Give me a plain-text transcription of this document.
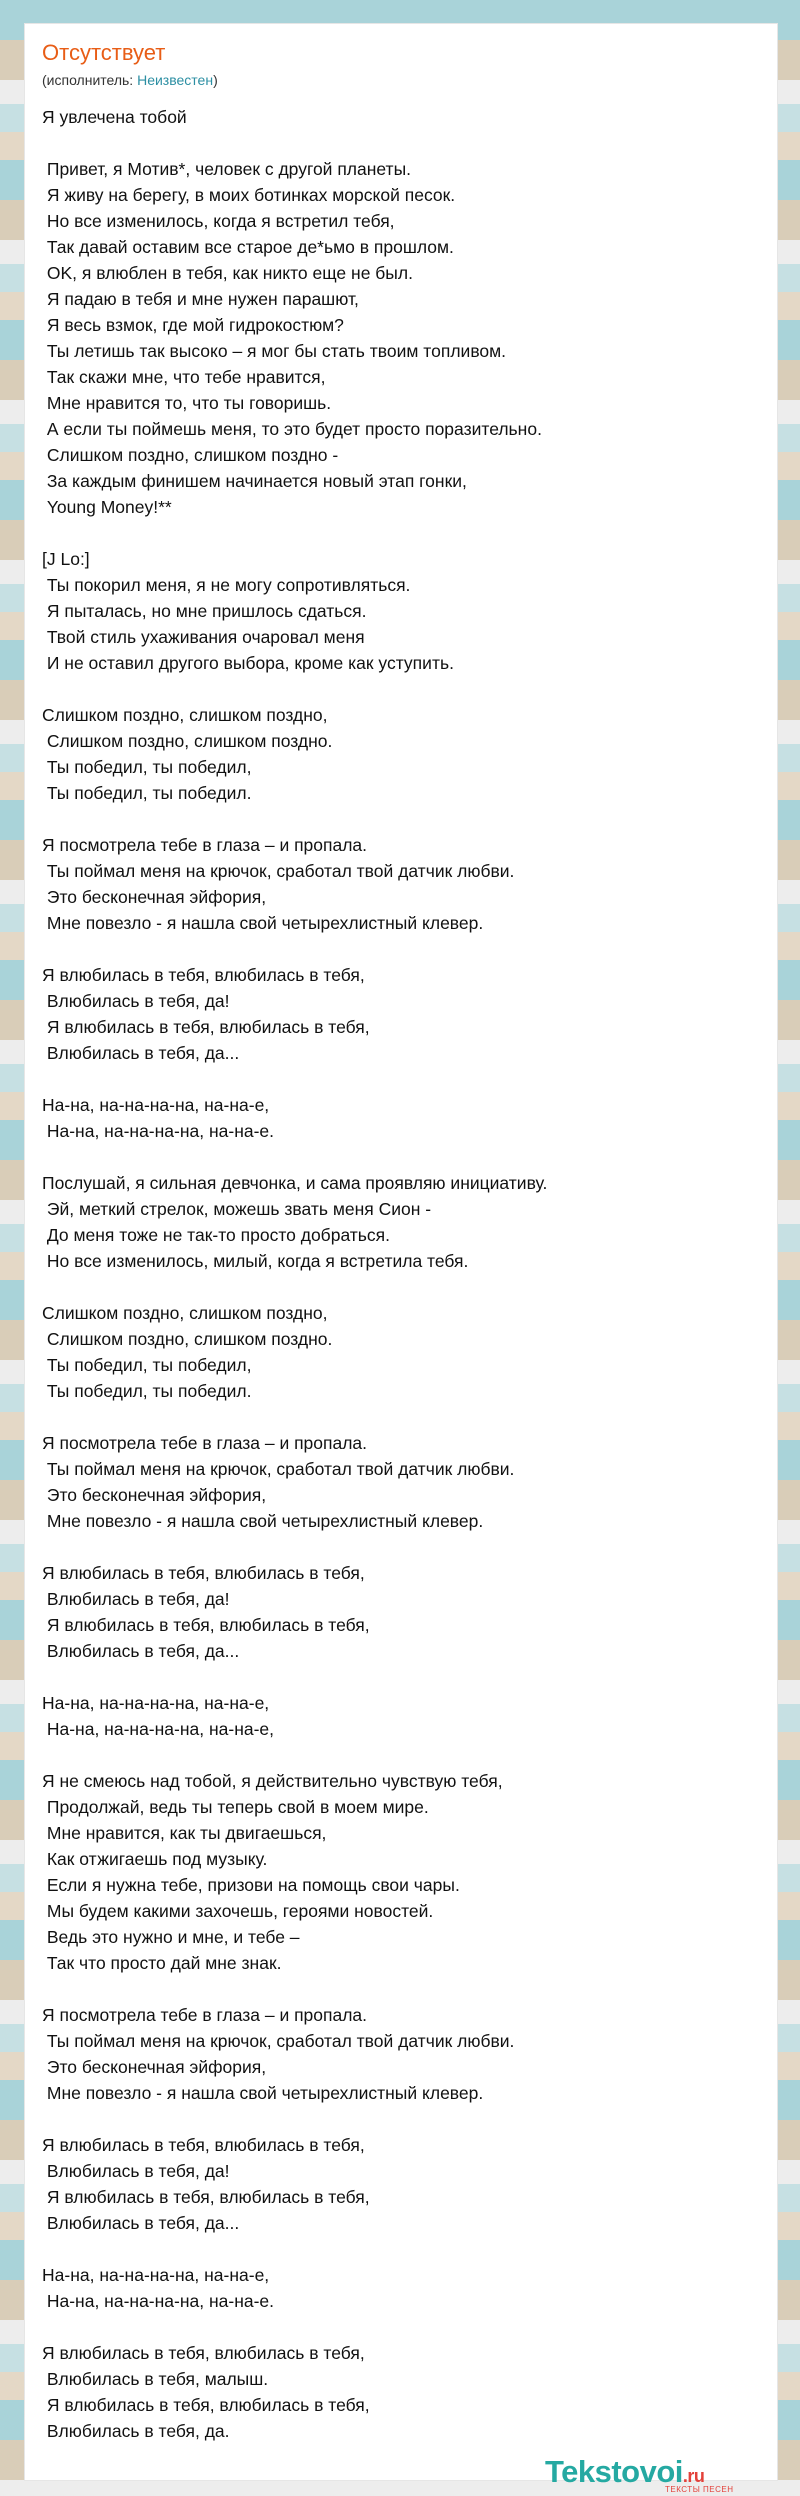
Отсутствует
(исполнитель: Неизвестен)
Я увлечена тобой

Привет, я Мотив*, человек с другой планеты.
Я живу на берегу, в моих ботинках морской песок.
Но все изменилось, когда я встретил тебя,
Так давай оставим все старое де*ьмо в прошлом.
OK, я влюблен в тебя, как никто еще не был.
Я падаю в тебя и мне нужен парашют,
Я весь взмок, где мой гидрокостюм?
Ты летишь так высоко – я мог бы стать твоим топливом.
Так скажи мне, что тебе нравится,
Мне нравится то, что ты говоришь.
А если ты поймешь меня, то это будет просто поразительно.
Слишком поздно, слишком поздно -
За каждым финишем начинается новый этап гонки,
Young Money!**

[J Lo:]
Ты покорил меня, я не могу сопротивляться.
Я пыталась, но мне пришлось сдаться.
Твой стиль ухаживания очаровал меня
И не оставил другого выбора, кроме как уступить.

Слишком поздно, слишком поздно,
Слишком поздно, слишком поздно.
Ты победил, ты победил,
Ты победил, ты победил.

Я посмотрела тебе в глаза – и пропала.
Ты поймал меня на крючок, сработал твой датчик любви.
Это бесконечная эйфория,
Мне повезло - я нашла свой четырехлистный клевер.

Я влюбилась в тебя, влюбилась в тебя,
Влюбилась в тебя, да!
Я влюбилась в тебя, влюбилась в тебя,
Влюбилась в тебя, да...

На-на, на-на-на-на, на-на-е,
На-на, на-на-на-на, на-на-е.

Послушай, я сильная девчонка, и сама проявляю инициативу.
Эй, меткий стрелок, можешь звать меня Сион -
До меня тоже не так-то просто добраться.
Но все изменилось, милый, когда я встретила тебя.

Слишком поздно, слишком поздно,
Слишком поздно, слишком поздно.
Ты победил, ты победил,
Ты победил, ты победил.

Я посмотрела тебе в глаза – и пропала.
Ты поймал меня на крючок, сработал твой датчик любви.
Это бесконечная эйфория,
Мне повезло - я нашла свой четырехлистный клевер.

Я влюбилась в тебя, влюбилась в тебя,
Влюбилась в тебя, да!
Я влюбилась в тебя, влюбилась в тебя,
Влюбилась в тебя, да...

На-на, на-на-на-на, на-на-е,
На-на, на-на-на-на, на-на-е,

Я не смеюсь над тобой, я действительно чувствую тебя,
Продолжай, ведь ты теперь свой в моем мире.
Мне нравится, как ты двигаешься,
Как отжигаешь под музыку.
Если я нужна тебе, призови на помощь свои чары.
Мы будем какими захочешь, героями новостей.
Ведь это нужно и мне, и тебе –
Так что просто дай мне знак.

Я посмотрела тебе в глаза – и пропала.
Ты поймал меня на крючок, сработал твой датчик любви.
Это бесконечная эйфория,
Мне повезло - я нашла свой четырехлистный клевер.

Я влюбилась в тебя, влюбилась в тебя,
Влюбилась в тебя, да!
Я влюбилась в тебя, влюбилась в тебя,
Влюбилась в тебя, да...

На-на, на-на-на-на, на-на-е,
На-на, на-на-на-на, на-на-е.

Я влюбилась в тебя, влюбилась в тебя,
Влюбилась в тебя, малыш.
Я влюбилась в тебя, влюбилась в тебя,
Влюбилась в тебя, да.
Tekstovoi.ru
ТЕКСТЫ ПЕСЕН
